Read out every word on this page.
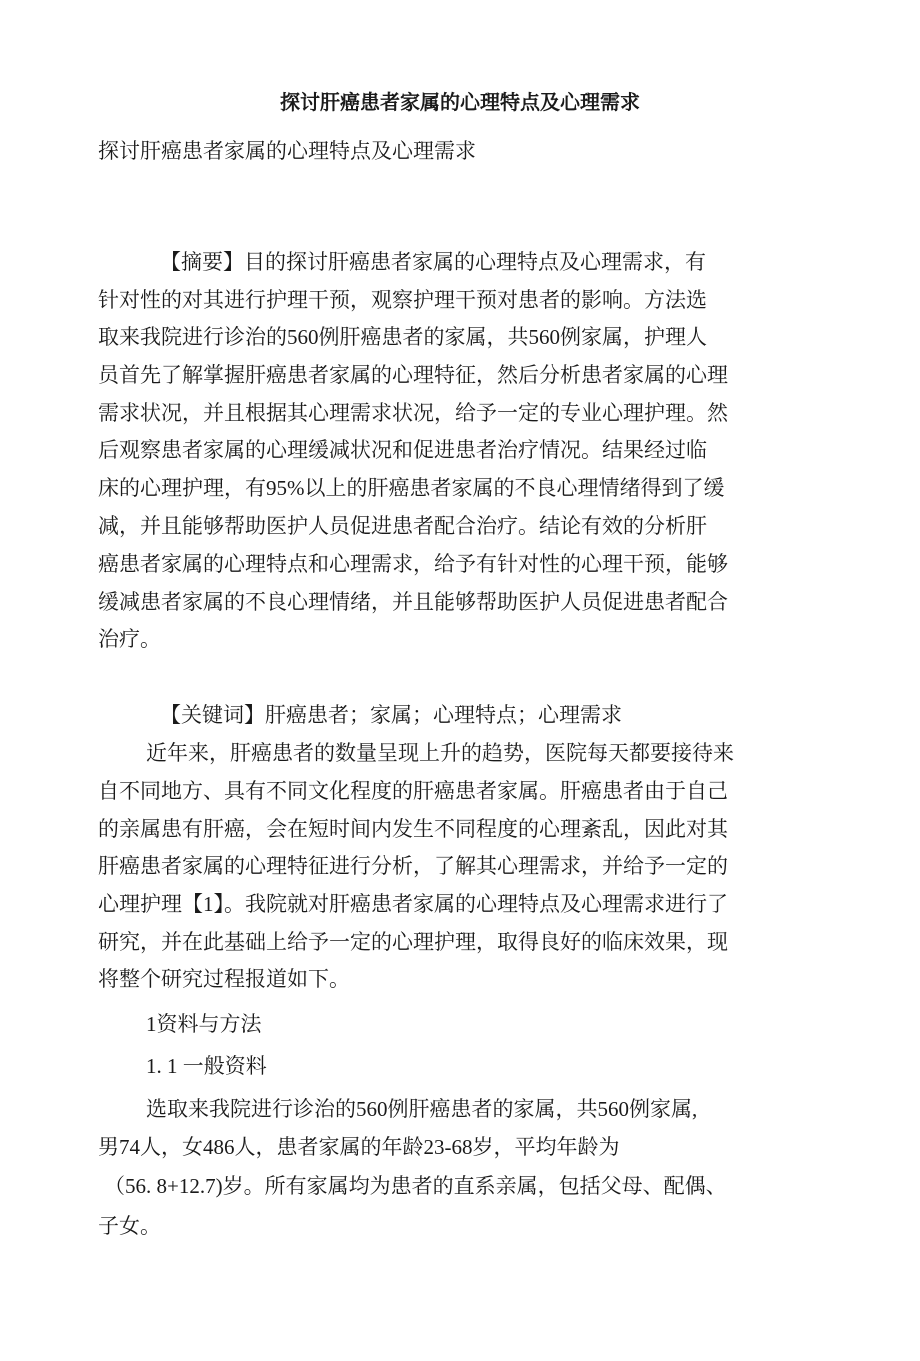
探讨肝癌患者家属的心理特点及心理需求
探讨肝癌患者家属的心理特点及心理需求
【摘要】目的探讨肝癌患者家属的心理特点及心理需求，有
针对性的对其进行护理干预，观察护理干预对患者的影响。方法选
取来我院进行诊治的560例肝癌患者的家属，共560例家属，护理人
员首先了解掌握肝癌患者家属的心理特征，然后分析患者家属的心理
需求状况，并且根据其心理需求状况，给予一定的专业心理护理。然
后观察患者家属的心理缓减状况和促进患者治疗情况。结果经过临
床的心理护理，有95%以上的肝癌患者家属的不良心理情绪得到了缓
减，并且能够帮助医护人员促进患者配合治疗。结论有效的分析肝
癌患者家属的心理特点和心理需求，给予有针对性的心理干预，能够
缓减患者家属的不良心理情绪，并且能够帮助医护人员促进患者配合
治疗。
【关键词】肝癌患者；家属；心理特点；心理需求
近年来，肝癌患者的数量呈现上升的趋势，医院每天都要接待来
自不同地方、具有不同文化程度的肝癌患者家属。肝癌患者由于自己
的亲属患有肝癌，会在短时间内发生不同程度的心理紊乱，因此对其
肝癌患者家属的心理特征进行分析，了解其心理需求，并给予一定的
心理护理【1】。我院就对肝癌患者家属的心理特点及心理需求进行了
研究，并在此基础上给予一定的心理护理，取得良好的临床效果，现
将整个研究过程报道如下。
1资料与方法
1. 1 一般资料
选取来我院进行诊治的560例肝癌患者的家属，共560例家属,
男74人，女486人，患者家属的年龄23-68岁，平均年龄为
（56. 8+12.7)岁。所有家属均为患者的直系亲属，包括父母、配偶、
子女。
